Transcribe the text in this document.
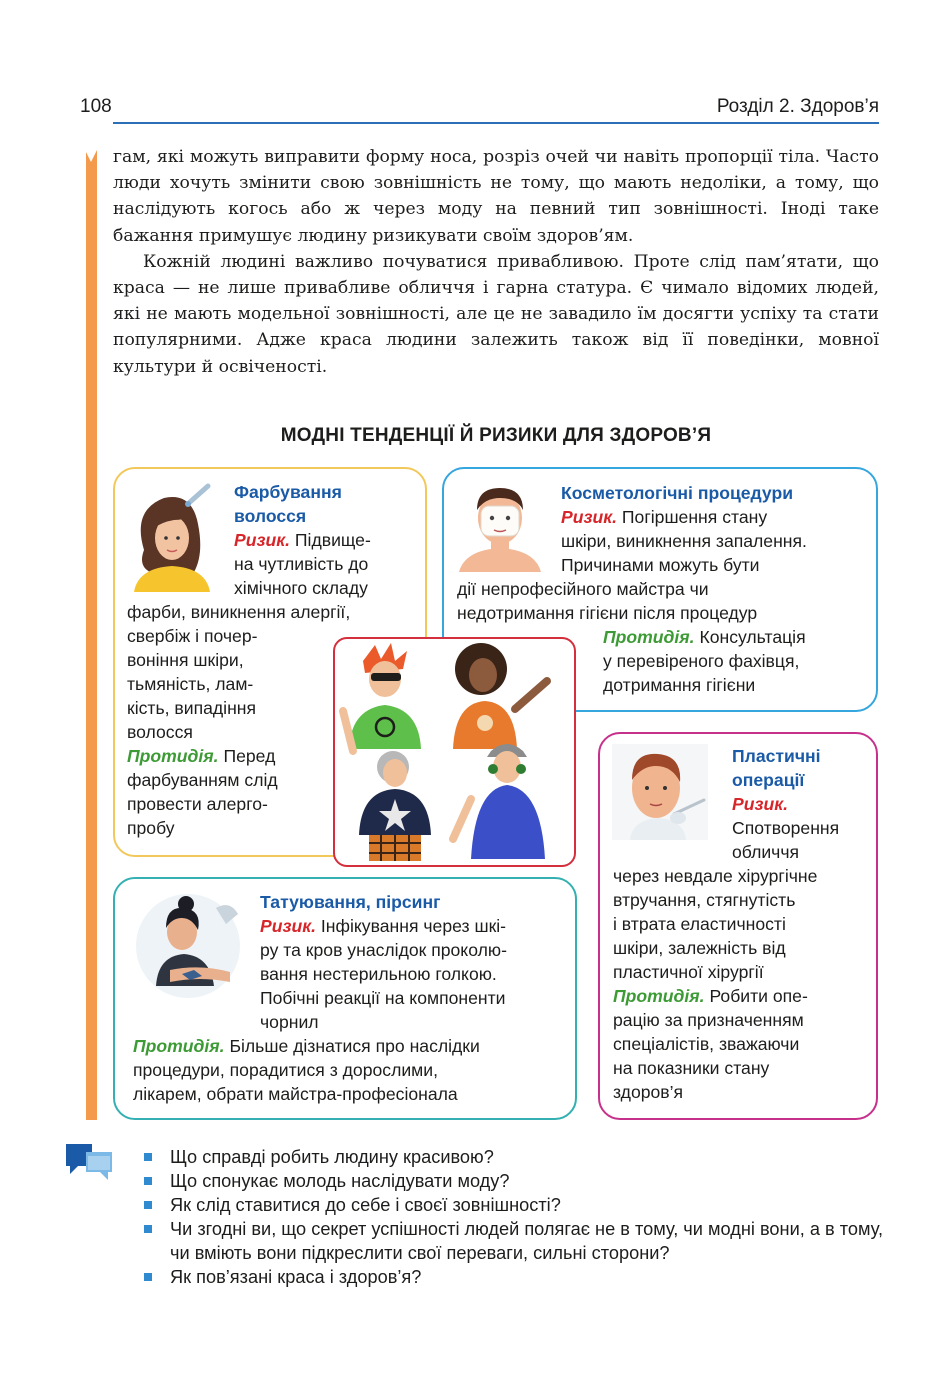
108	Розділ 2. Здоров’я

гам, які можуть виправити форму носа, розріз очей чи навіть пропорції тіла. Часто люди хочуть змінити свою зовнішність не тому, що мають недоліки, а тому, що наслідують когось або ж через моду на певний тип зовнішності. Іноді таке бажання примушує людину ризикувати своїм здоров’ям.

Кожній людині важливо почуватися привабливою. Проте слід пам’ятати, що краса — не лише привабливе обличчя і гарна статура. Є чимало відомих людей, які не мають модельної зовнішності, але це не завадило їм досягти успіху та стати популярними. Адже краса людини залежить також від її поведінки, мовної культури й освіченості.

МОДНІ ТЕНДЕНЦІЇ Й РИЗИКИ ДЛЯ ЗДОРОВ’Я
Фарбування
волосся
Ризик. Підвище-
на чутливість до
хімічного складу
фарби, виникнення алергії,
свербіж і почер-
воніння шкіри,
тьмяність, лам-
кість, випадіння
волосся
Протидія. Перед
фарбуванням слід
провести алерго-
пробу
Косметологічні процедури
Ризик. Погіршення стану
шкіри, виникнення запалення.
Причинами можуть бути
дії непрофесійного майстра чи
недотримання гігієни після процедур
Протидія. Консультація
у перевіреного фахівця,
дотримання гігієни
Пластичні
операції
Ризик.
Спотворення
обличчя
через невдале хірургічне
втручання, стягнутість
і втрата еластичності
шкіри, залежність від
пластичної хірургії
Протидія. Робити опе-
рацію за призначенням
спеціалістів, зважаючи
на показники стану
здоров’я
Татуювання, пірсинг
Ризик. Інфікування через шкі-
ру та кров унаслідок проколю-
вання нестерильною голкою.
Побічні реакції на компоненти
чорнил
Протидія. Більше дізнатися про наслідки
процедури, порадитися з дорослими,
лікарем, обрати майстра-професіонала
Що справді робить людину красивою?
Що спонукає молодь наслідувати моду?
Як слід ставитися до себе і своєї зовнішності?
Чи згодні ви, що секрет успішності людей полягає не в тому, чи модні вони, а в тому, чи вміють вони підкреслити свої переваги, сильні сторони?
Як пов’язані краса і здоров’я?
